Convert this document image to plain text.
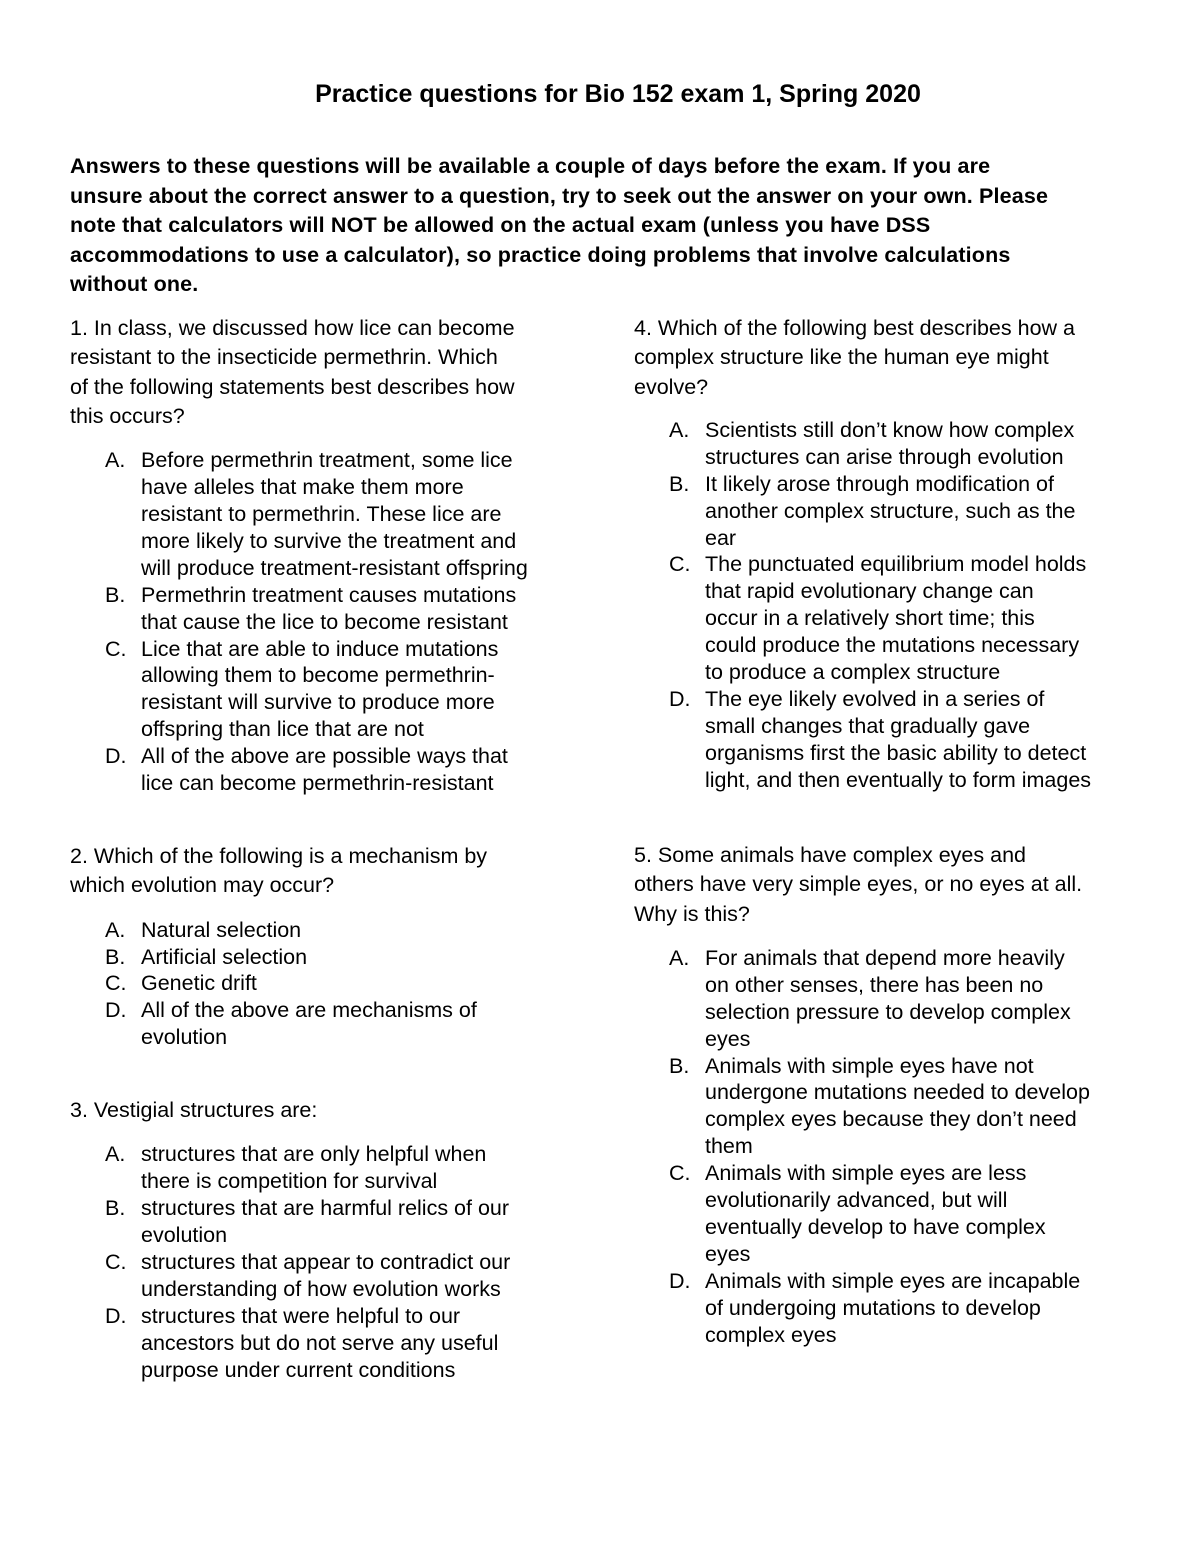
Practice questions for Bio 152 exam 1, Spring 2020
Answers to these questions will be available a couple of days before the exam. If you are
unsure about the correct answer to a question, try to seek out the answer on your own. Please
note that calculators will NOT be allowed on the actual exam (unless you have DSS
accommodations to use a calculator), so practice doing problems that involve calculations
without one.
1. In class, we discussed how lice can become
resistant to the insecticide permethrin. Which
of the following statements best describes how
this occurs?
A. Before permethrin treatment, some lice
have alleles that make them more
resistant to permethrin. These lice are
more likely to survive the treatment and
will produce treatment-resistant offspring
B. Permethrin treatment causes mutations
that cause the lice to become resistant
C. Lice that are able to induce mutations
allowing them to become permethrin-
resistant will survive to produce more
offspring than lice that are not
D. All of the above are possible ways that
lice can become permethrin-resistant
2. Which of the following is a mechanism by
which evolution may occur?
A. Natural selection
B. Artificial selection
C. Genetic drift
D. All of the above are mechanisms of
evolution
3. Vestigial structures are:
A. structures that are only helpful when
there is competition for survival
B. structures that are harmful relics of our
evolution
C. structures that appear to contradict our
understanding of how evolution works
D. structures that were helpful to our
ancestors but do not serve any useful
purpose under current conditions
4. Which of the following best describes how a
complex structure like the human eye might
evolve?
A. Scientists still don’t know how complex
structures can arise through evolution
B. It likely arose through modification of
another complex structure, such as the
ear
C. The punctuated equilibrium model holds
that rapid evolutionary change can
occur in a relatively short time; this
could produce the mutations necessary
to produce a complex structure
D. The eye likely evolved in a series of
small changes that gradually gave
organisms first the basic ability to detect
light, and then eventually to form images
5. Some animals have complex eyes and
others have very simple eyes, or no eyes at all.
Why is this?
A. For animals that depend more heavily
on other senses, there has been no
selection pressure to develop complex
eyes
B. Animals with simple eyes have not
undergone mutations needed to develop
complex eyes because they don’t need
them
C. Animals with simple eyes are less
evolutionarily advanced, but will
eventually develop to have complex
eyes
D. Animals with simple eyes are incapable
of undergoing mutations to develop
complex eyes
